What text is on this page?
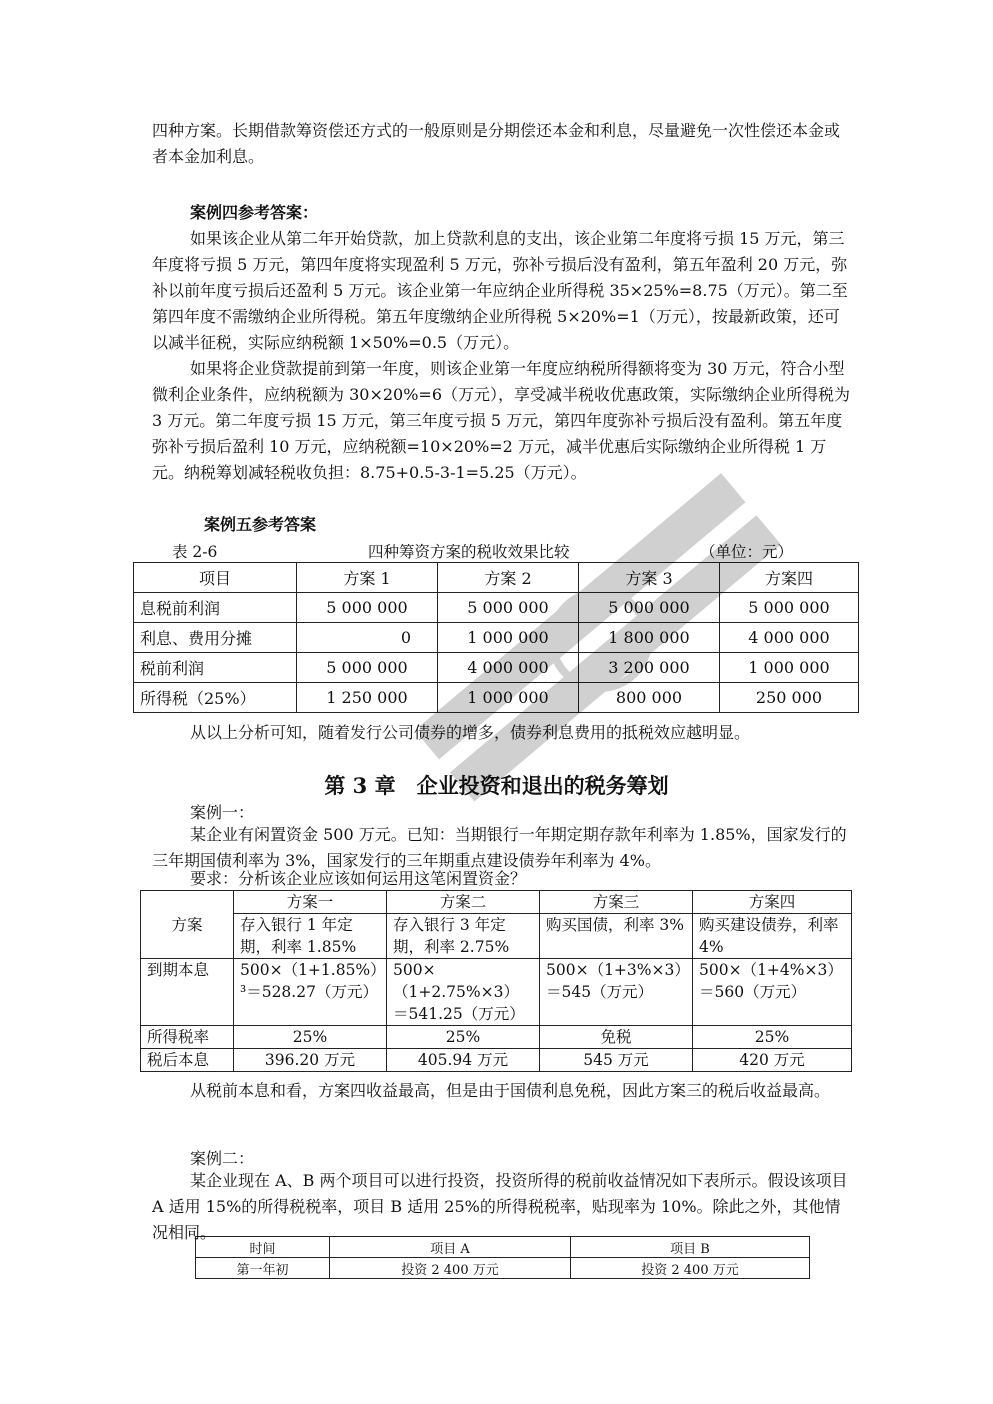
四种方案。长期借款筹资偿还方式的一般原则是分期偿还本金和利息，尽量避免一次性偿还本金或者本金加利息。

案例四参考答案：

如果该企业从第二年开始贷款，加上贷款利息的支出，该企业第二年度将亏损 15 万元，第三年度将亏损 5 万元，第四年度将实现盈利 5 万元，弥补亏损后没有盈利，第五年盈利 20 万元，弥补以前年度亏损后还盈利 5 万元。该企业第一年应纳企业所得税 35×25%=8.75（万元）。第二至第四年度不需缴纳企业所得税。第五年度缴纳企业所得税 5×20%=1（万元），按最新政策，还可以减半征税，实际应纳税额 1×50%=0.5（万元）。

如果将企业贷款提前到第一年度，则该企业第一年度应纳税所得额将变为 30 万元，符合小型微利企业条件，应纳税额为 30×20%=6（万元），享受减半税收优惠政策，实际缴纳企业所得税为 3 万元。第二年度亏损 15 万元，第三年度亏损 5 万元，第四年度弥补亏损后没有盈利。第五年度弥补亏损后盈利 10 万元，应纳税额=10×20%=2 万元，减半优惠后实际缴纳企业所得税 1 万元。纳税筹划减轻税收负担：8.75+0.5-3-1=5.25（万元）。

案例五参考答案

表 2-6	四种筹资方案的税收效果比较	（单位：元）
项目	方案 1	方案 2	方案 3	方案四
息税前利润	5 000 000	5 000 000	5 000 000	5 000 000
利息、费用分摊	0	1 000 000	1 800 000	4 000 000
税前利润	5 000 000	4 000 000	3 200 000	1 000 000
所得税（25%）	1 250 000	1 000 000	800 000	250 000

从以上分析可知，随着发行公司债券的增多，债券利息费用的抵税效应越明显。

第 3 章　企业投资和退出的税务筹划

案例一：

某企业有闲置资金 500 万元。已知：当期银行一年期定期存款年利率为 1.85%，国家发行的三年期国债利率为 3%，国家发行的三年期重点建设债券年利率为 4%。

要求：分析该企业应该如何运用这笔闲置资金？

方案	方案一	方案二	方案三	方案四
	存入银行 1 年定期，利率 1.85%	存入银行 3 年定期，利率 2.75%	购买国债，利率 3%	购买建设债券，利率 4%
到期本息	500×（1+1.85%）³＝528.27（万元）	500×（1+2.75%×3）＝541.25（万元）	500×（1+3%×3）＝545（万元）	500×（1+4%×3）＝560（万元）
所得税率	25%	25%	免税	25%
税后本息	396.20 万元	405.94 万元	545 万元	420 万元

从税前本息和看，方案四收益最高，但是由于国债利息免税，因此方案三的税后收益最高。

案例二：

某企业现在 A、B 两个项目可以进行投资，投资所得的税前收益情况如下表所示。假设该项目 A 适用 15%的所得税税率，项目 B 适用 25%的所得税税率，贴现率为 10%。除此之外，其他情况相同。

时间	项目 A	项目 B
第一年初	投资 2 400 万元	投资 2 400 万元
